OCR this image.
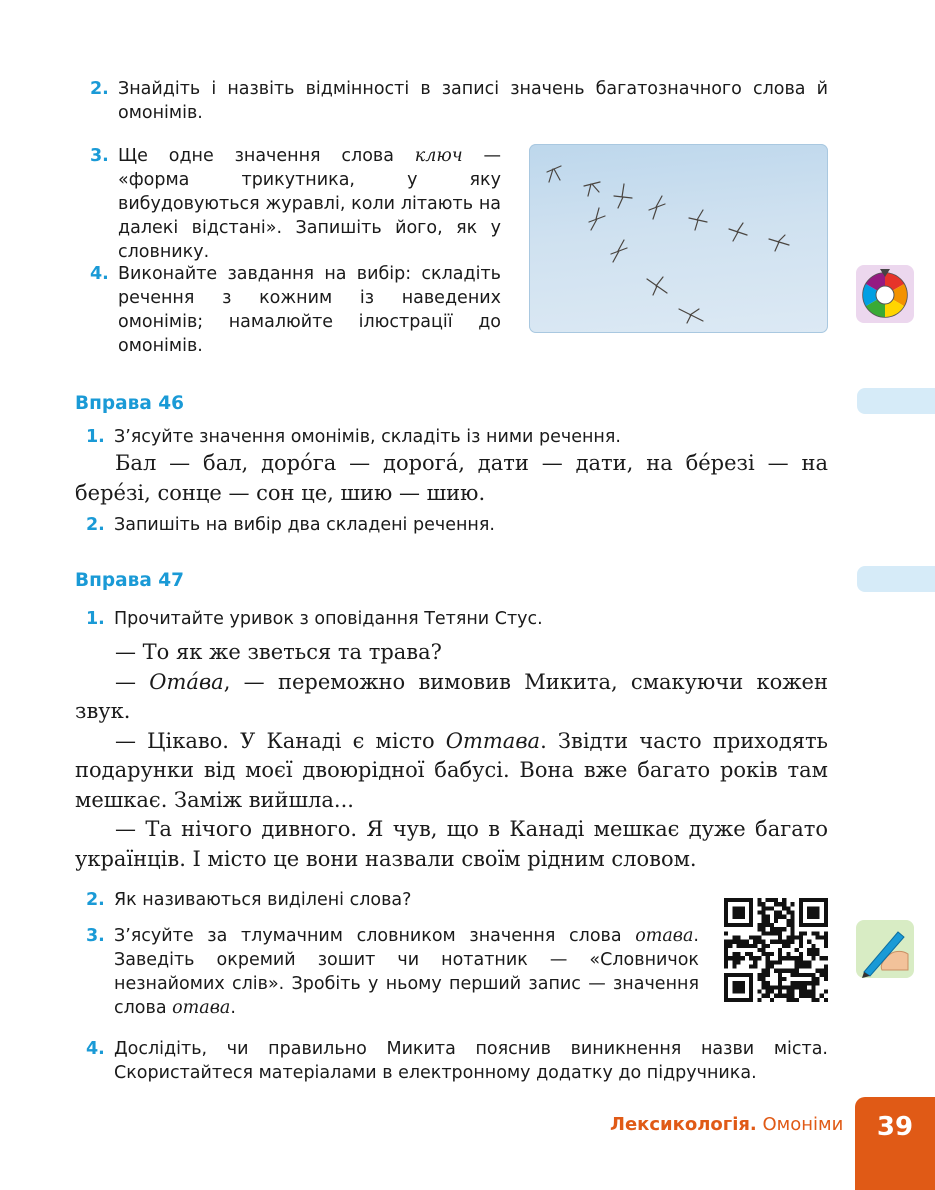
2. Знайдіть і назвіть відмінності в записі значень багатозначного слова й омонімів.
3. Ще одне значення слова ключ — «форма трикутника, у яку вибудовуються журавлі, коли літають на далекі відстані». Запишіть його, як у словнику.
4. Виконайте завдання на вибір: складіть речення з кожним із наведених омонімів; намалюйте ілюстрації до омонімів.
Вправа 46
1. З’ясуйте значення омонімів, складіть із ними речення.

Бал — бал, доро́га — дорога́, дати — дати, на бе́резі — на бере́зі, сонце — сон це, шию — шию.

2. Запишіть на вибір два складені речення.
Вправа 47
1. Прочитайте уривок з оповідання Тетяни Стус.

— То як же зветься та трава?

— Ота́ва, — переможно вимовив Микита, смакуючи кожен звук.

— Цікаво. У Канаді є місто Оттава. Звідти часто приходять подарунки від моєї двоюрідної бабусі. Вона вже багато років там мешкає. Заміж вийшла...

— Та нічого дивного. Я чув, що в Канаді мешкає дуже багато українців. І місто це вони назвали своїм рідним словом.

2. Як називаються виділені слова?
3. З’ясуйте за тлумачним словником значення слова отава. Заведіть окремий зошит чи нотатник — «Словничок незнайомих слів». Зробіть у ньому перший запис — значення слова отава.
4. Дослідіть, чи правильно Микита пояснив виникнення назви міста. Скористайтеся матеріалами в електронному додатку до підручника.
Лексикологія. Омоніми	39
